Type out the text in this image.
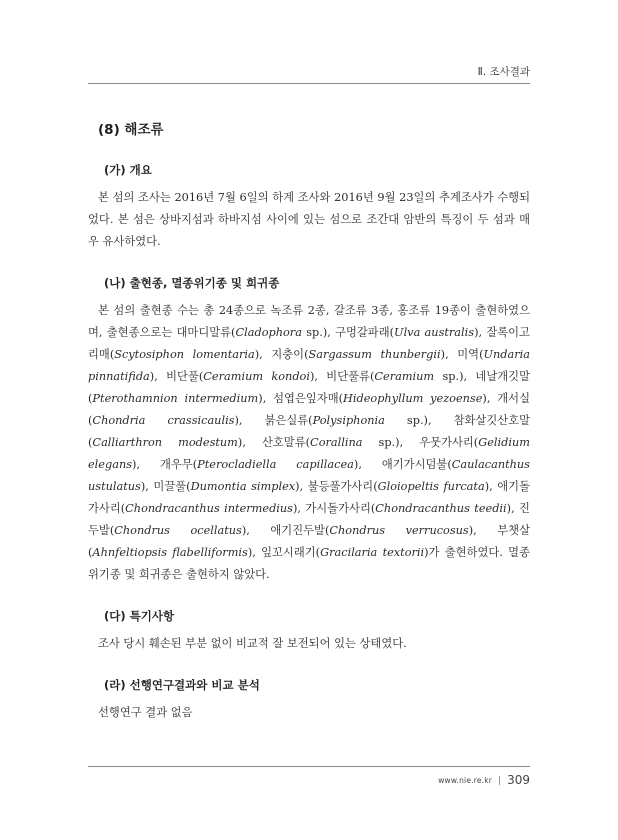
Ⅱ. 조사결과
(8) 해조류
(가) 개요

본 섬의 조사는 2016년 7월 6일의 하계 조사와 2016년 9월 23일의 추계조사가 수행되었다. 본 섬은 상바지섬과 하바지섬 사이에 있는 섬으로 조간대 암반의 특징이 두 섬과 매우 유사하였다.

(나) 출현종, 멸종위기종 및 희귀종

본 섬의 출현종 수는 총 24종으로 녹조류 2종, 갈조류 3종, 홍조류 19종이 출현하였으며, 출현종으로는 대마디말류(Cladophora sp.), 구멍갈파래(Ulva australis), 잘록이고리매(Scytosiphon lomentaria), 지충이(Sargassum thunbergii), 미역(Undaria pinnatifida), 비단풀(Ceramium kondoi), 비단풀류(Ceramium sp.), 네날개깃말(Pterothamnion intermedium), 섬엽은잎자매(Hideophyllum yezoense), 개서실(Chondria crassicaulis), 붉은실류(Polysiphonia sp.), 참화살깃산호말(Calliarthron modestum), 산호말류(Corallina sp.), 우뭇가사리(Gelidium elegans), 개우무(Pterocladiella capillacea), 애기가시덤불(Caulacanthus ustulatus), 미끌풀(Dumontia simplex), 불등풀가사리(Gloiopeltis furcata), 애기돌가사리(Chondracanthus intermedius), 가시돌가사리(Chondracanthus teedii), 진두발(Chondrus ocellatus), 애기진두발(Chondrus verrucosus), 부챗살(Ahnfeltiopsis flabelliformis), 잎꼬시래기(Gracilaria textorii)가 출현하였다. 멸종위기종 및 희귀종은 출현하지 않았다.

(다) 특기사항

조사 당시 훼손된 부분 없이 비교적 잘 보전되어 있는 상태였다.

(라) 선행연구결과와 비교 분석

선행연구 결과 없음

www.nie.re.kr 309
